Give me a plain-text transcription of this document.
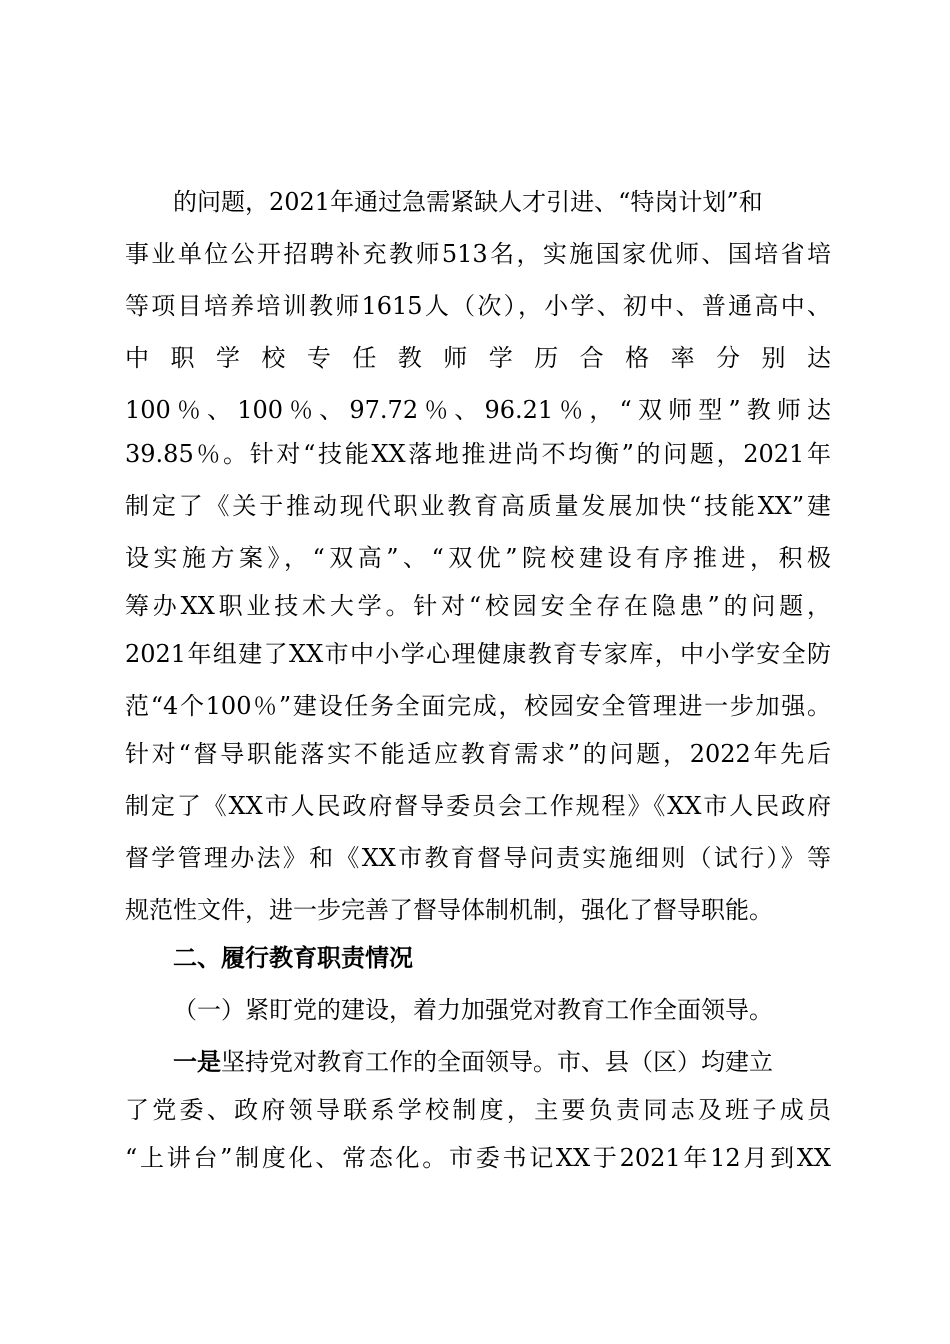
的问题，2021年通过急需紧缺人才引进、“特岗计划”和
事业单位公开招聘补充教师513名，实施国家优师、国培省培
等项目培养培训教师1615人（次），小学、初中、普通高中、
中 职 学 校 专 任 教 师 学 历 合 格 率 分 别 达
100％、100％、97.72％、96.21％，“双师型”教师达
39.85％。针对“技能XX落地推进尚不均衡”的问题，2021年
制定了《关于推动现代职业教育高质量发展加快“技能XX”建
设实施方案》，“双高”、“双优”院校建设有序推进，积极
筹办XX职业技术大学。针对“校园安全存在隐患”的问题，
2021年组建了XX市中小学心理健康教育专家库，中小学安全防
范“4个100％”建设任务全面完成，校园安全管理进一步加强。
针对“督导职能落实不能适应教育需求”的问题，2022年先后
制定了《XX市人民政府督导委员会工作规程》《XX市人民政府
督学管理办法》和《XX市教育督导问责实施细则（试行）》等
规范性文件，进一步完善了督导体制机制，强化了督导职能。
二、履行教育职责情况
（一）紧盯党的建设，着力加强党对教育工作全面领导。
一是坚持党对教育工作的全面领导。市、县（区）均建立
了党委、政府领导联系学校制度，主要负责同志及班子成员
“上讲台”制度化、常态化。市委书记XX于2021年12月到XX
